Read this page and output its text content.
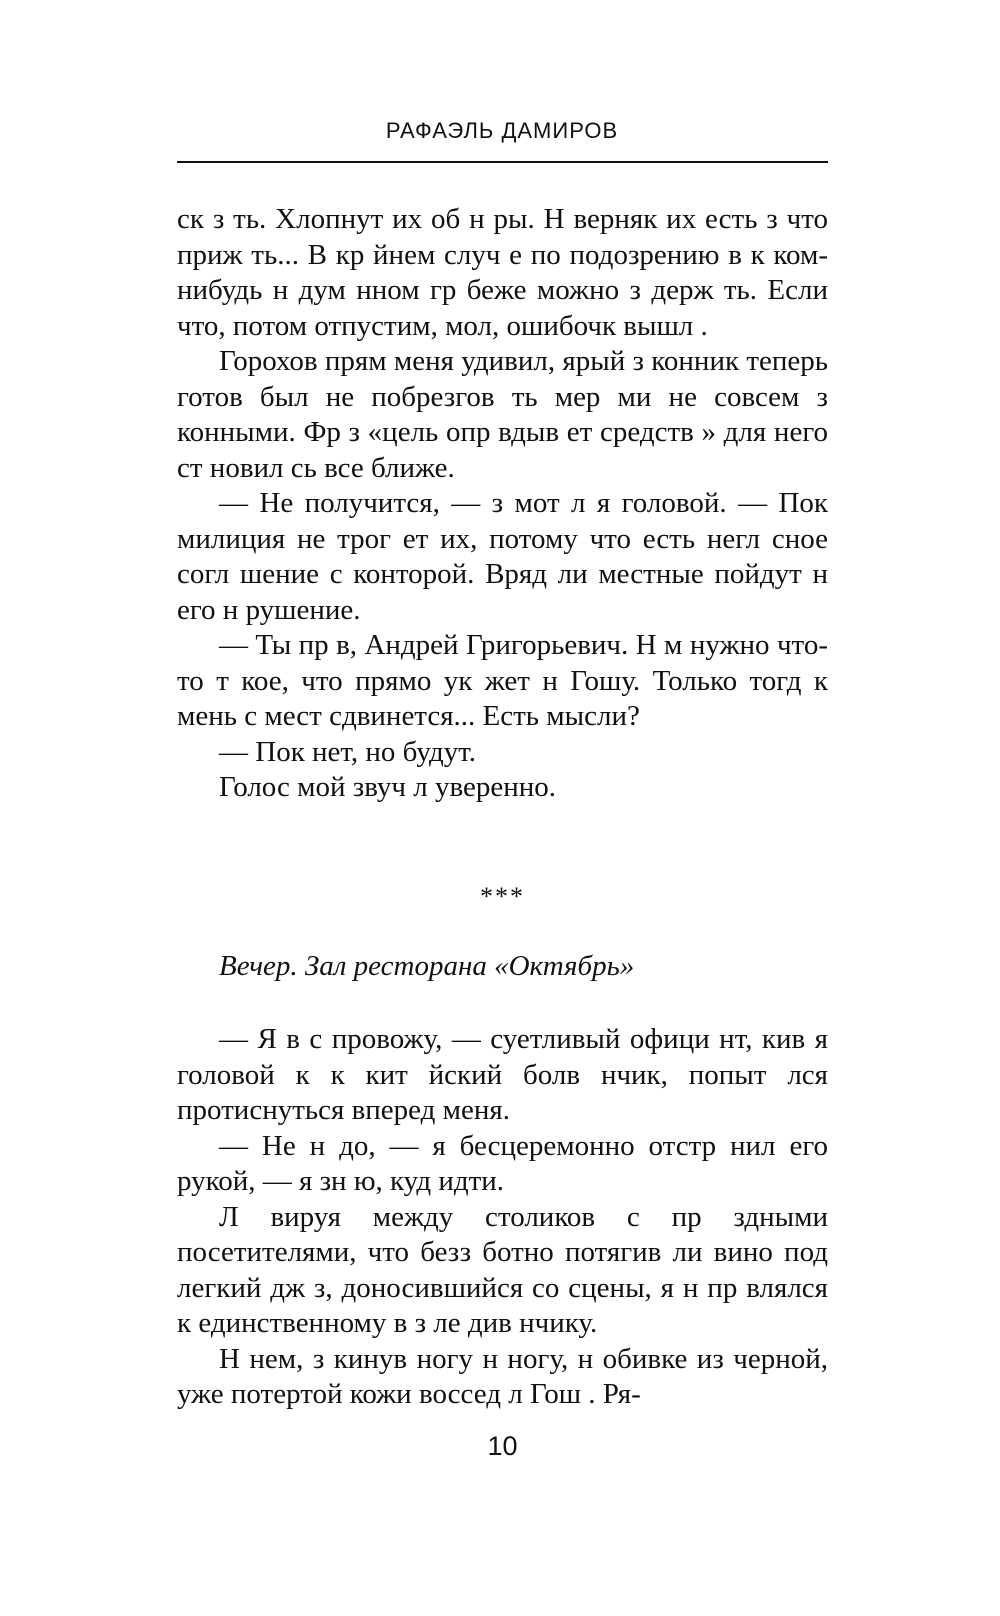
РАФАЭЛЬ ДАМИРОВ

ск з ть. Хлопнут их об н ры. Н верняк их есть з что приж ть... В кр йнем случ е по подозрению в к ком-нибудь н дум нном гр беже можно з держ ть. Если что, потом отпустим, мол, ошибочк вышл .

Горохов прям меня удивил, ярый з конник теперь готов был не побрезгов ть мер ми не совсем з конными. Фр з «цель опр вдыв ет средств » для него ст новил сь все ближе.

— Не получится, — з мот л я головой. — Пок милиция не трог ет их, потому что есть негл сное согл шение с конторой. Вряд ли местные пойдут н его н рушение.

— Ты пр в, Андрей Григорьевич. Н м нужно что-то т кое, что прямо ук жет н Гошу. Только тогд к мень с мест сдвинется... Есть мысли?

— Пок нет, но будут.

Голос мой звуч л уверенно.

***
Вечер. Зал ресторана «Октябрь»

— Я в с провожу, — суетливый офици нт, кив я головой к к кит йский болв нчик, попыт лся протиснуться вперед меня.

— Не н до, — я бесцеремонно отстр нил его рукой, — я зн ю, куд идти.

Л вируя между столиков с пр здными посетителями, что безз ботно потягив ли вино под легкий дж з, доносившийся со сцены, я н пр влялся к единственному в з ле див нчику.

Н нем, з кинув ногу н ногу, н обивке из черной, уже потертой кожи воссед л Гош . Ря-

10
